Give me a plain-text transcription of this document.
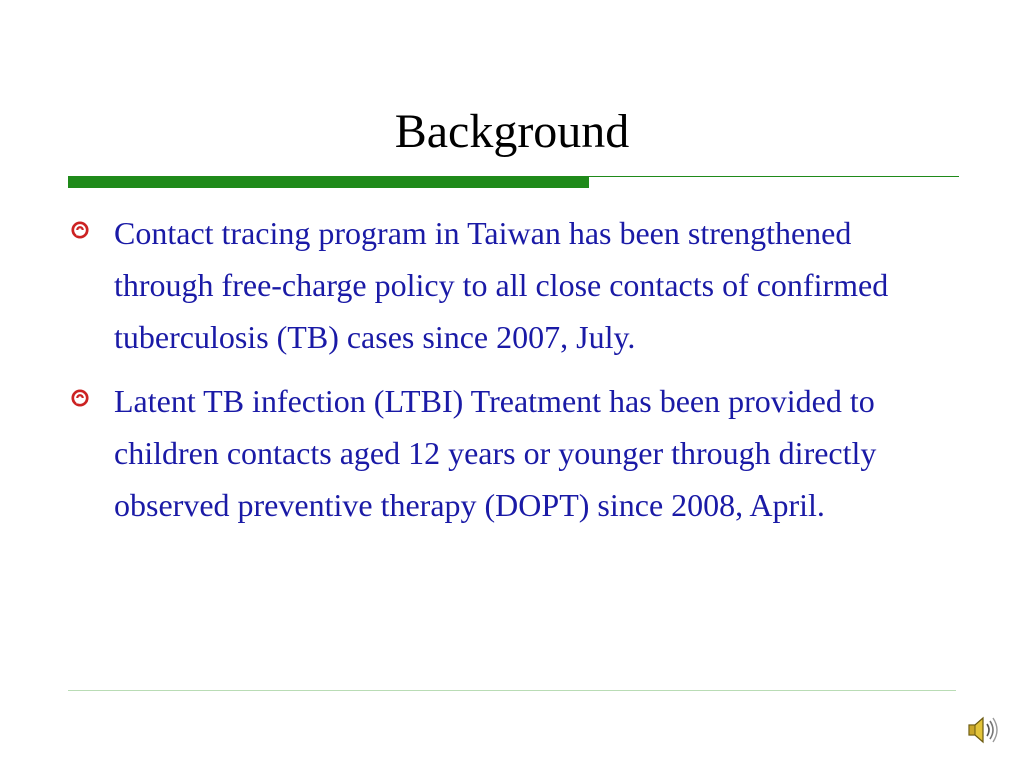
Background
Contact tracing program in Taiwan has been strengthened through free-charge policy to all close contacts of confirmed tuberculosis (TB) cases since 2007, July.
Latent TB infection (LTBI) Treatment has been provided to children contacts aged 12 years or younger through directly observed preventive therapy (DOPT) since 2008, April.
